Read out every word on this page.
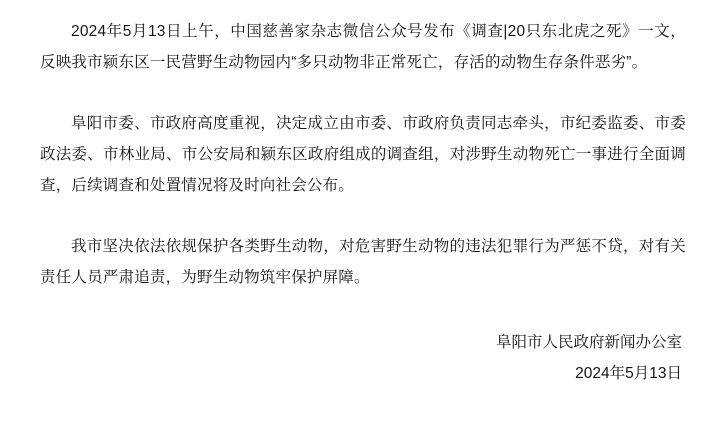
2024年5月13日上午，中国慈善家杂志微信公众号发布《调查|20只东北虎之死》一文，反映我市颍东区一民营野生动物园内“多只动物非正常死亡，存活的动物生存条件恶劣”。

阜阳市委、市政府高度重视，决定成立由市委、市政府负责同志牵头，市纪委监委、市委政法委、市林业局、市公安局和颍东区政府组成的调查组，对涉野生动物死亡一事进行全面调查，后续调查和处置情况将及时向社会公布。

我市坚决依法依规保护各类野生动物，对危害野生动物的违法犯罪行为严惩不贷，对有关责任人员严肃追责，为野生动物筑牢保护屏障。

阜阳市人民政府新闻办公室
2024年5月13日
